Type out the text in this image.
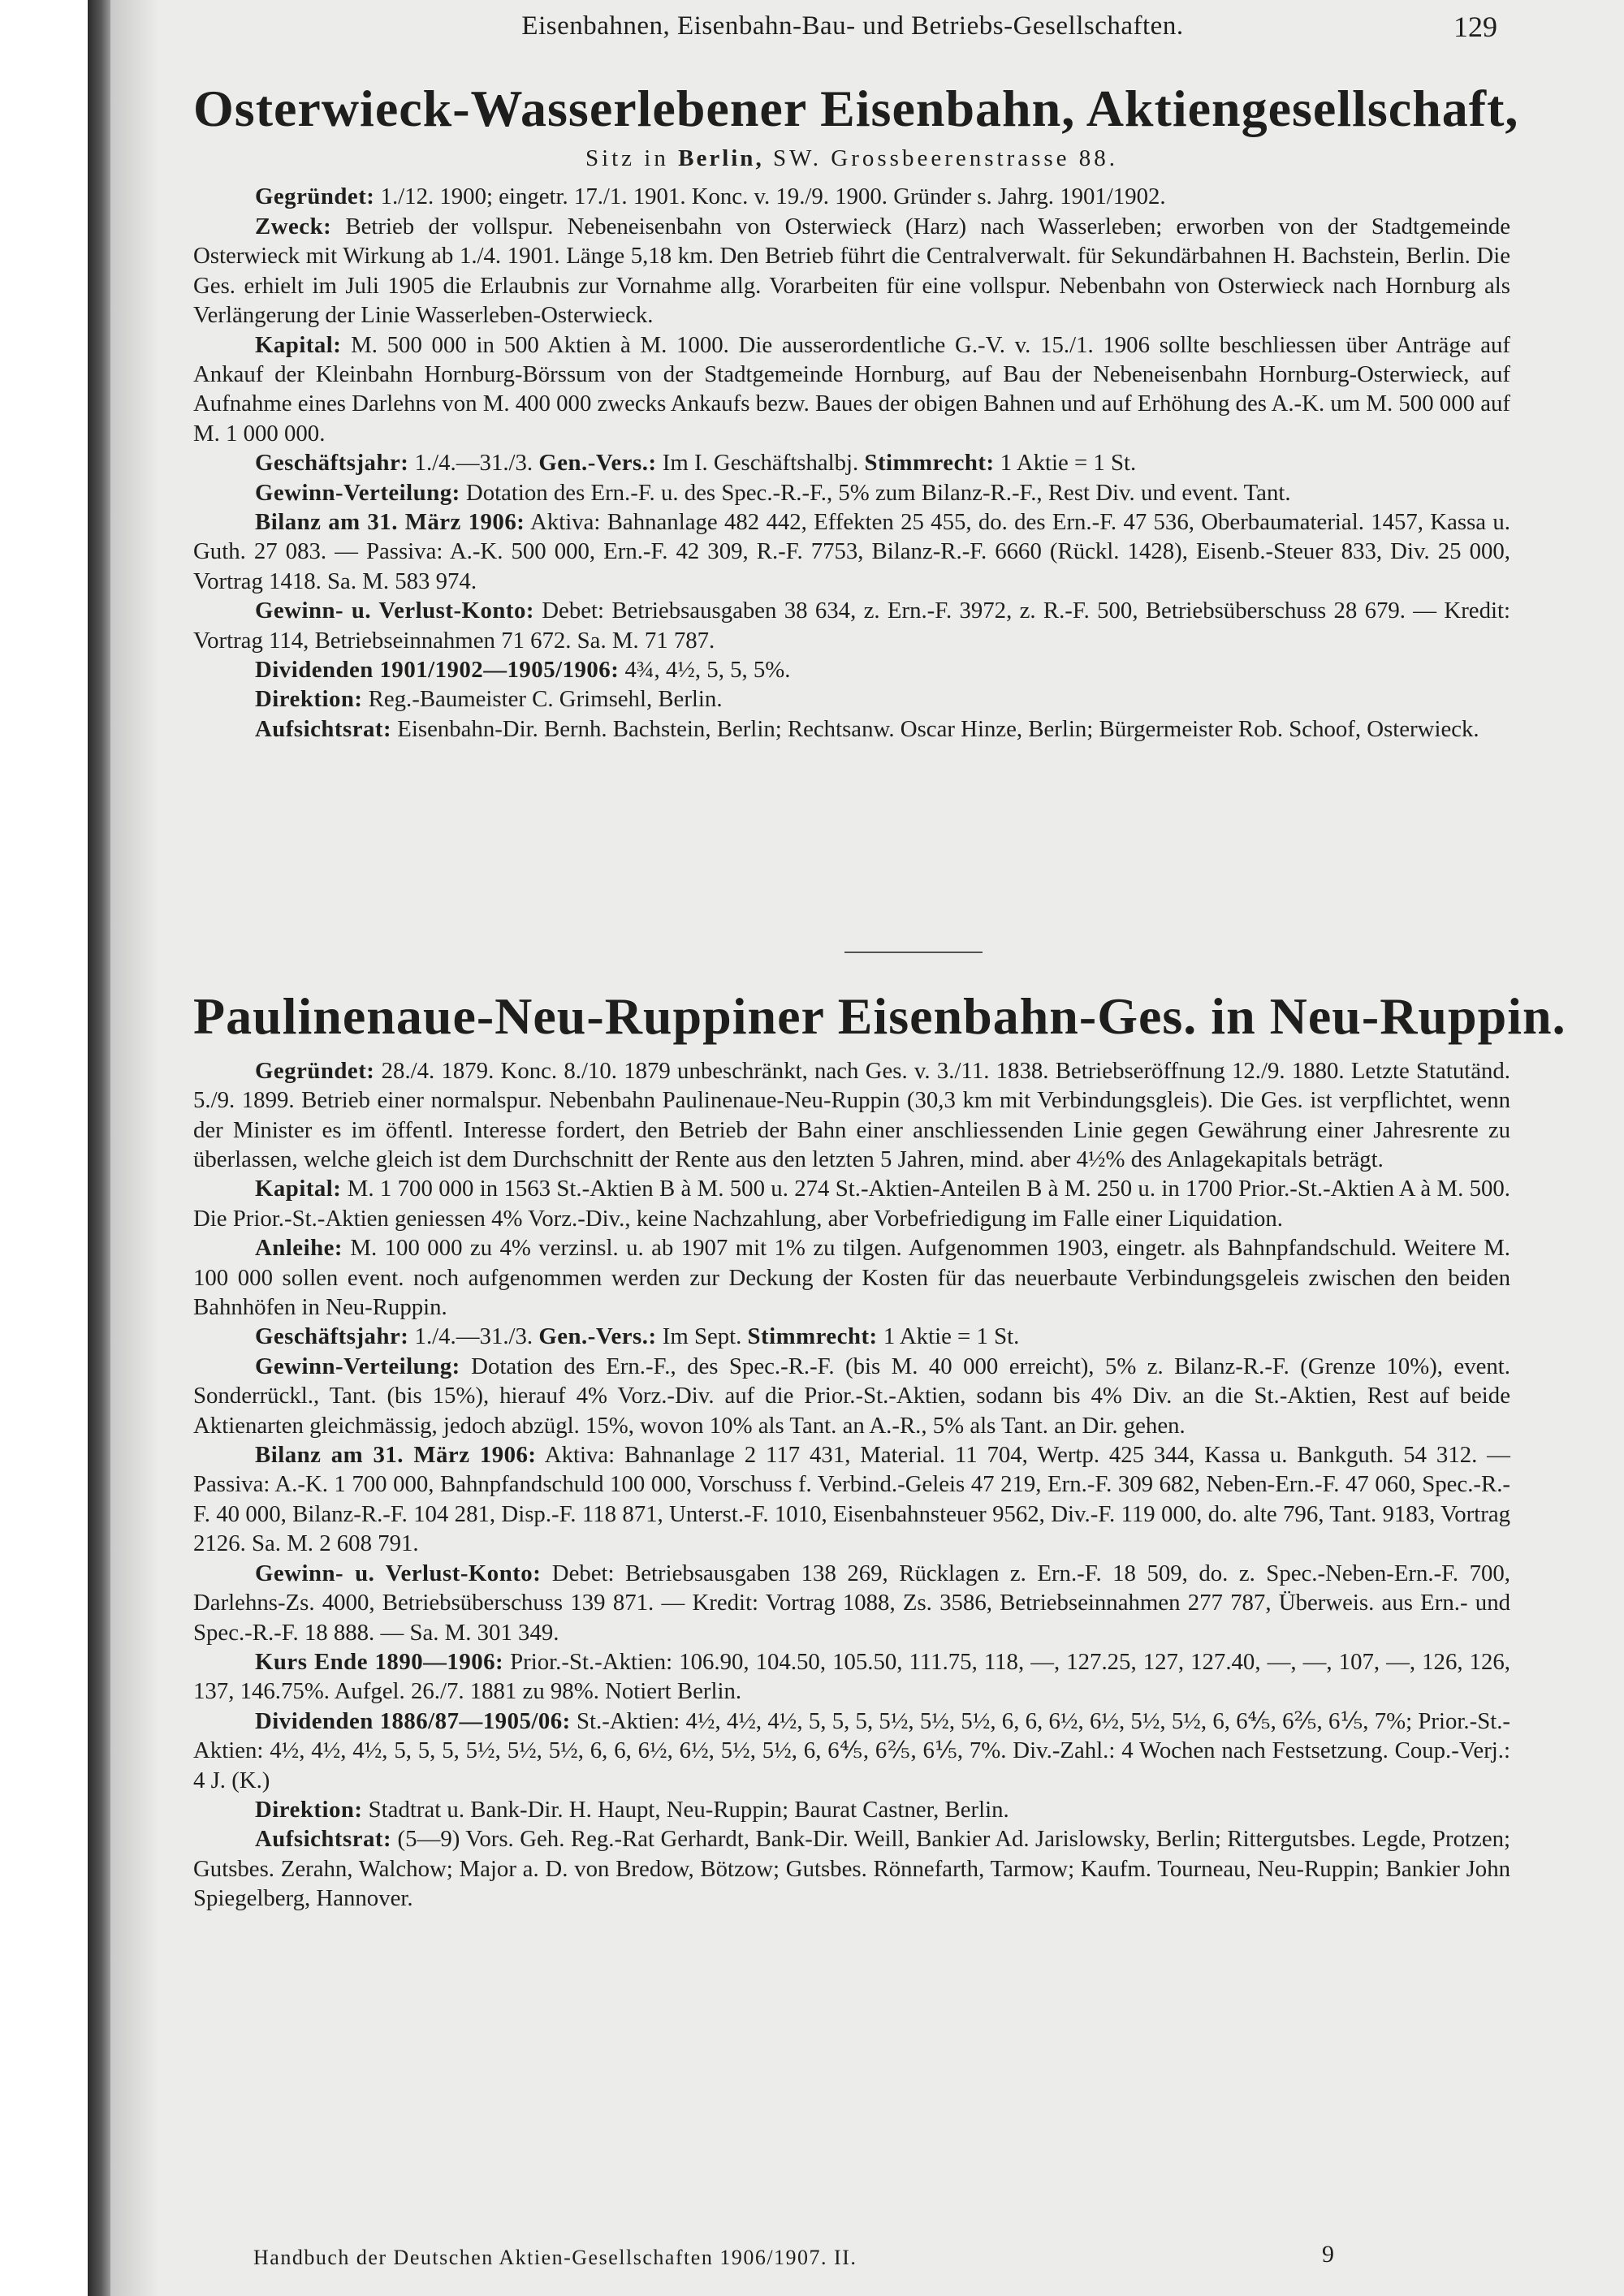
Eisenbahnen, Eisenbahn-Bau- und Betriebs-Gesellschaften.	129
Osterwieck-Wasserlebener Eisenbahn, Aktiengesellschaft,
Sitz in Berlin, SW. Grossbeerenstrasse 88.

Gegründet: 1./12. 1900; eingetr. 17./1. 1901. Konc. v. 19./9. 1900. Gründer s. Jahrg. 1901/1902.

Zweck: Betrieb der vollspur. Nebeneisenbahn von Osterwieck (Harz) nach Wasserleben; erworben von der Stadtgemeinde Osterwieck mit Wirkung ab 1./4. 1901. Länge 5,18 km. Den Betrieb führt die Centralverwalt. für Sekundärbahnen H. Bachstein, Berlin. Die Ges. erhielt im Juli 1905 die Erlaubnis zur Vornahme allg. Vorarbeiten für eine vollspur. Nebenbahn von Osterwieck nach Hornburg als Verlängerung der Linie Wasserleben-Osterwieck.

Kapital: M. 500 000 in 500 Aktien à M. 1000. Die ausserordentliche G.-V. v. 15./1. 1906 sollte beschliessen über Anträge auf Ankauf der Kleinbahn Hornburg-Börssum von der Stadtgemeinde Hornburg, auf Bau der Nebeneisenbahn Hornburg-Osterwieck, auf Aufnahme eines Darlehns von M. 400 000 zwecks Ankaufs bezw. Baues der obigen Bahnen und auf Erhöhung des A.-K. um M. 500 000 auf M. 1 000 000.

Geschäftsjahr: 1./4.—31./3. Gen.-Vers.: Im I. Geschäftshalbj. Stimmrecht: 1 Aktie = 1 St.

Gewinn-Verteilung: Dotation des Ern.-F. u. des Spec.-R.-F., 5% zum Bilanz-R.-F., Rest Div. und event. Tant.

Bilanz am 31. März 1906: Aktiva: Bahnanlage 482 442, Effekten 25 455, do. des Ern.-F. 47 536, Oberbaumaterial. 1457, Kassa u. Guth. 27 083. — Passiva: A.-K. 500 000, Ern.-F. 42 309, R.-F. 7753, Bilanz-R.-F. 6660 (Rückl. 1428), Eisenb.-Steuer 833, Div. 25 000, Vortrag 1418. Sa. M. 583 974.

Gewinn- u. Verlust-Konto: Debet: Betriebsausgaben 38 634, z. Ern.-F. 3972, z. R.-F. 500, Betriebsüberschuss 28 679. — Kredit: Vortrag 114, Betriebseinnahmen 71 672. Sa. M. 71 787.

Dividenden 1901/1902—1905/1906: 4¾, 4½, 5, 5, 5%.

Direktion: Reg.-Baumeister C. Grimsehl, Berlin.

Aufsichtsrat: Eisenbahn-Dir. Bernh. Bachstein, Berlin; Rechtsanw. Oscar Hinze, Berlin; Bürgermeister Rob. Schoof, Osterwieck.

Paulinenaue-Neu-Ruppiner Eisenbahn-Ges. in Neu-Ruppin.

Gegründet: 28./4. 1879. Konc. 8./10. 1879 unbeschränkt, nach Ges. v. 3./11. 1838. Betriebseröffnung 12./9. 1880. Letzte Statutänd. 5./9. 1899. Betrieb einer normalspur. Nebenbahn Paulinenaue-Neu-Ruppin (30,3 km mit Verbindungsgleis). Die Ges. ist verpflichtet, wenn der Minister es im öffentl. Interesse fordert, den Betrieb der Bahn einer anschliessenden Linie gegen Gewährung einer Jahresrente zu überlassen, welche gleich ist dem Durchschnitt der Rente aus den letzten 5 Jahren, mind. aber 4½% des Anlagekapitals beträgt.

Kapital: M. 1 700 000 in 1563 St.-Aktien B à M. 500 u. 274 St.-Aktien-Anteilen B à M. 250 u. in 1700 Prior.-St.-Aktien A à M. 500. Die Prior.-St.-Aktien geniessen 4% Vorz.-Div., keine Nachzahlung, aber Vorbefriedigung im Falle einer Liquidation.

Anleihe: M. 100 000 zu 4% verzinsl. u. ab 1907 mit 1% zu tilgen. Aufgenommen 1903, eingetr. als Bahnpfandschuld. Weitere M. 100 000 sollen event. noch aufgenommen werden zur Deckung der Kosten für das neuerbaute Verbindungsgeleis zwischen den beiden Bahnhöfen in Neu-Ruppin.

Geschäftsjahr: 1./4.—31./3. Gen.-Vers.: Im Sept. Stimmrecht: 1 Aktie = 1 St.

Gewinn-Verteilung: Dotation des Ern.-F., des Spec.-R.-F. (bis M. 40 000 erreicht), 5% z. Bilanz-R.-F. (Grenze 10%), event. Sonderrückl., Tant. (bis 15%), hierauf 4% Vorz.-Div. auf die Prior.-St.-Aktien, sodann bis 4% Div. an die St.-Aktien, Rest auf beide Aktienarten gleichmässig, jedoch abzügl. 15%, wovon 10% als Tant. an A.-R., 5% als Tant. an Dir. gehen.

Bilanz am 31. März 1906: Aktiva: Bahnanlage 2 117 431, Material. 11 704, Wertp. 425 344, Kassa u. Bankguth. 54 312. — Passiva: A.-K. 1 700 000, Bahnpfandschuld 100 000, Vorschuss f. Verbind.-Geleis 47 219, Ern.-F. 309 682, Neben-Ern.-F. 47 060, Spec.-R.-F. 40 000, Bilanz-R.-F. 104 281, Disp.-F. 118 871, Unterst.-F. 1010, Eisenbahnsteuer 9562, Div.-F. 119 000, do. alte 796, Tant. 9183, Vortrag 2126. Sa. M. 2 608 791.

Gewinn- u. Verlust-Konto: Debet: Betriebsausgaben 138 269, Rücklagen z. Ern.-F. 18 509, do. z. Spec.-Neben-Ern.-F. 700, Darlehns-Zs. 4000, Betriebsüberschuss 139 871. — Kredit: Vortrag 1088, Zs. 3586, Betriebseinnahmen 277 787, Überweis. aus Ern.- und Spec.-R.-F. 18 888. — Sa. M. 301 349.

Kurs Ende 1890—1906: Prior.-St.-Aktien: 106.90, 104.50, 105.50, 111.75, 118, —, 127.25, 127, 127.40, —, —, 107, —, 126, 126, 137, 146.75%. Aufgel. 26./7. 1881 zu 98%. Notiert Berlin.

Dividenden 1886/87—1905/06: St.-Aktien: 4½, 4½, 4½, 5, 5, 5, 5½, 5½, 5½, 6, 6, 6½, 6½, 5½, 5½, 6, 6⅘, 6⅖, 6⅕, 7%; Prior.-St.-Aktien: 4½, 4½, 4½, 5, 5, 5, 5½, 5½, 5½, 6, 6, 6½, 6½, 5½, 5½, 6, 6⅘, 6⅖, 6⅕, 7%. Div.-Zahl.: 4 Wochen nach Festsetzung. Coup.-Verj.: 4 J. (K.)

Direktion: Stadtrat u. Bank-Dir. H. Haupt, Neu-Ruppin; Baurat Castner, Berlin.

Aufsichtsrat: (5—9) Vors. Geh. Reg.-Rat Gerhardt, Bank-Dir. Weill, Bankier Ad. Jarislowsky, Berlin; Rittergutsbes. Legde, Protzen; Gutsbes. Zerahn, Walchow; Major a. D. von Bredow, Bötzow; Gutsbes. Rönnefarth, Tarmow; Kaufm. Tourneau, Neu-Ruppin; Bankier John Spiegelberg, Hannover.

Handbuch der Deutschen Aktien-Gesellschaften 1906/1907. II.	9
